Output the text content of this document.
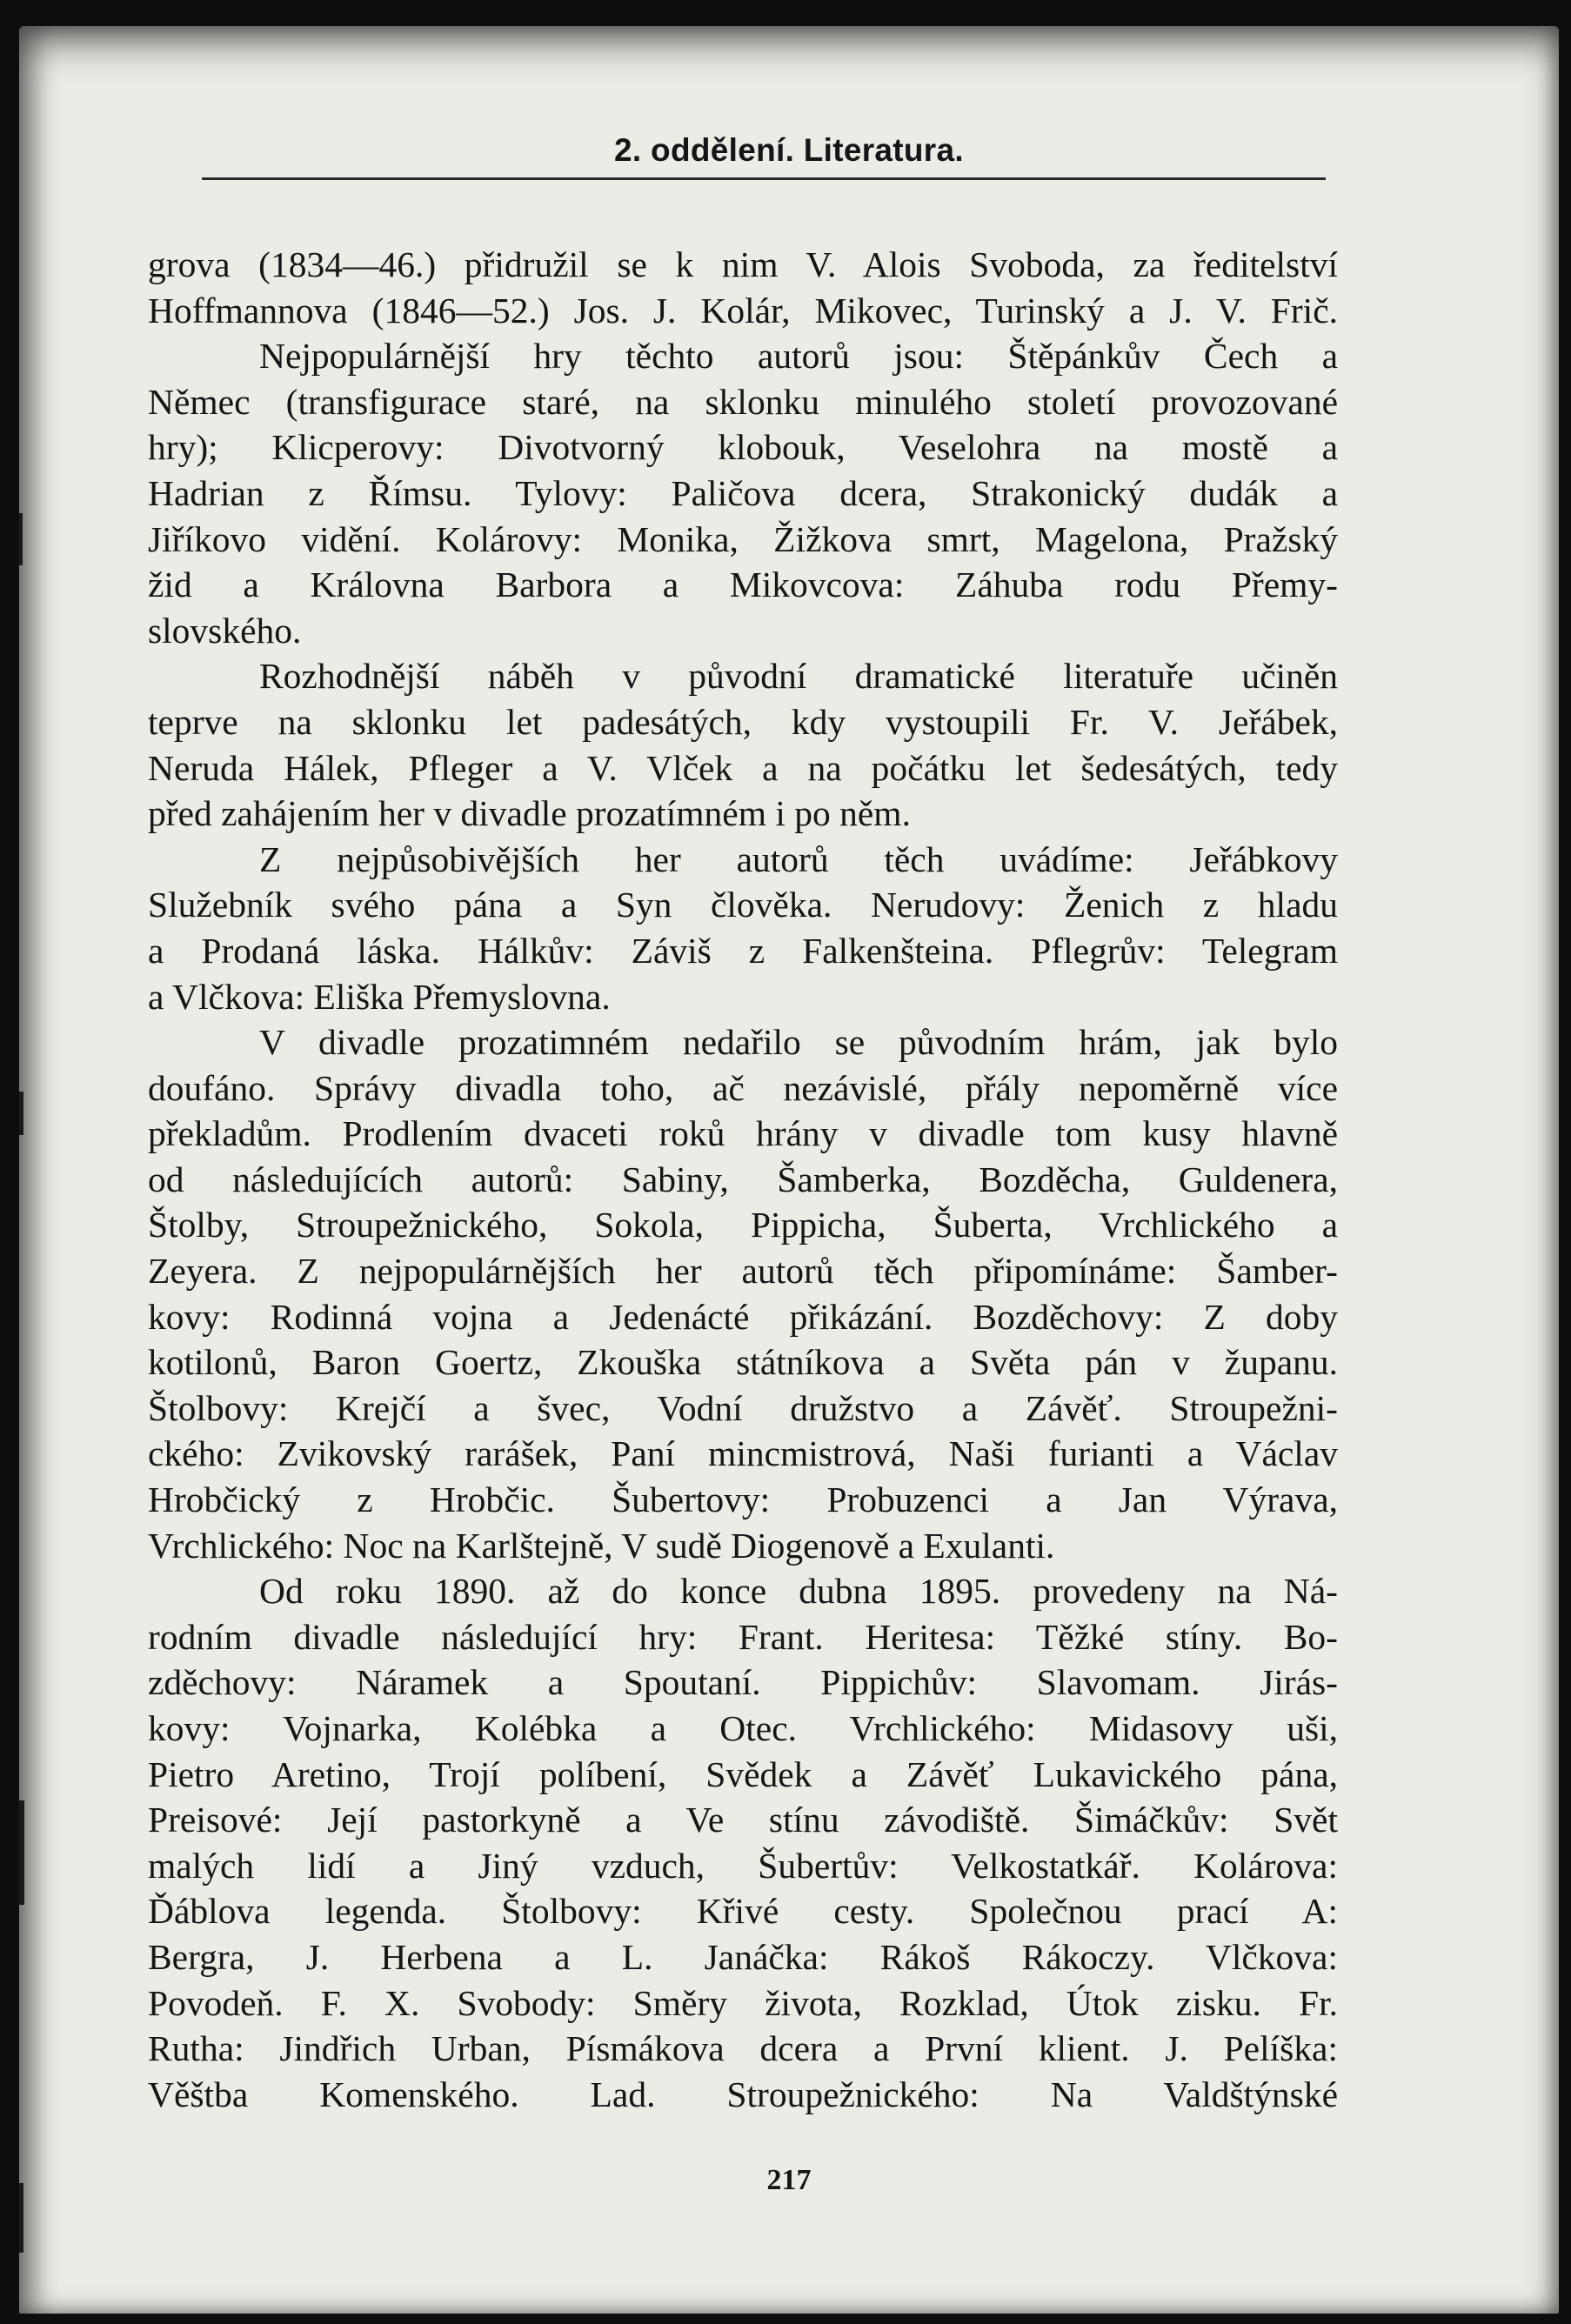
2. oddělení. Literatura.
grova (1834—46.) přidružil se k nim V. Alois Svoboda, za ředitelství
Hoffmannova (1846—52.) Jos. J. Kolár, Mikovec, Turinský a J. V. Frič.
Nejpopulárnější hry těchto autorů jsou: Štěpánkův Čech a
Němec (transfigurace staré, na sklonku minulého století provozované
hry); Klicperovy: Divotvorný klobouk, Veselohra na mostě a
Hadrian z Římsu. Tylovy: Paličova dcera, Strakonický dudák a
Jiříkovo vidění. Kolárovy: Monika, Žižkova smrt, Magelona, Pražský
žid a Královna Barbora a Mikovcova: Záhuba rodu Přemy-
slovského.
Rozhodnější náběh v původní dramatické literatuře učiněn
teprve na sklonku let padesátých, kdy vystoupili Fr. V. Jeřábek,
Neruda Hálek, Pfleger a V. Vlček a na počátku let šedesátých, tedy
před zahájením her v divadle prozatímném i po něm.
Z nejpůsobivějších her autorů těch uvádíme: Jeřábkovy
Služebník svého pána a Syn člověka. Nerudovy: Ženich z hladu
a Prodaná láska. Hálkův: Záviš z Falkenšteina. Pflegrův: Telegram
a Vlčkova: Eliška Přemyslovna.
V divadle prozatimném nedařilo se původním hrám, jak bylo
doufáno. Správy divadla toho, ač nezávislé, přály nepoměrně více
překladům. Prodlením dvaceti roků hrány v divadle tom kusy hlavně
od následujících autorů: Sabiny, Šamberka, Bozděcha, Guldenera,
Štolby, Stroupežnického, Sokola, Pippicha, Šuberta, Vrchlického a
Zeyera. Z nejpopulárnějších her autorů těch připomínáme: Šamber-
kovy: Rodinná vojna a Jedenácté přikázání. Bozděchovy: Z doby
kotilonů, Baron Goertz, Zkouška státníkova a Světa pán v županu.
Štolbovy: Krejčí a švec, Vodní družstvo a Závěť. Stroupežni-
ckého: Zvikovský rarášek, Paní mincmistrová, Naši furianti a Václav
Hrobčický z Hrobčic. Šubertovy: Probuzenci a Jan Výrava,
Vrchlického: Noc na Karlštejně, V sudě Diogenově a Exulanti.
Od roku 1890. až do konce dubna 1895. provedeny na Ná-
rodním divadle následující hry: Frant. Heritesa: Těžké stíny. Bo-
zděchovy: Náramek a Spoutaní. Pippichův: Slavomam. Jirás-
kovy: Vojnarka, Kolébka a Otec. Vrchlického: Midasovy uši,
Pietro Aretino, Trojí políbení, Svědek a Závěť Lukavického pána,
Preisové: Její pastorkyně a Ve stínu závodiště. Šimáčkův: Svět
malých lidí a Jiný vzduch, Šubertův: Velkostatkář. Kolárova:
Ďáblova legenda. Štolbovy: Křivé cesty. Společnou prací A:
Bergra, J. Herbena a L. Janáčka: Rákoš Rákoczy. Vlčkova:
Povodeň. F. X. Svobody: Směry života, Rozklad, Útok zisku. Fr.
Rutha: Jindřich Urban, Písmákova dcera a První klient. J. Pelíška:
Věštba Komenského. Lad. Stroupežnického: Na Valdštýnské
217
